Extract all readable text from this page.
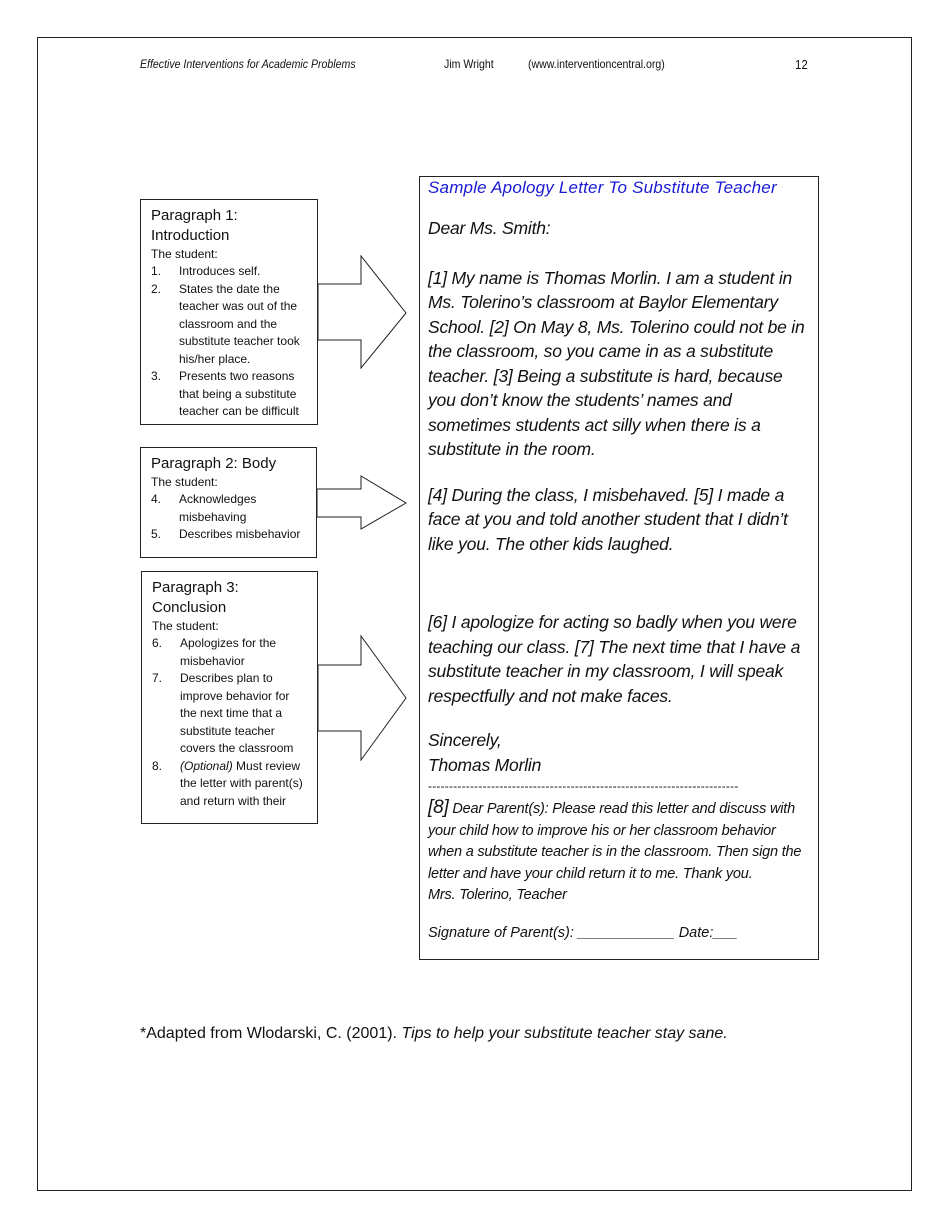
Effective Interventions for Academic Problems	Jim Wright	(www.interventioncentral.org)	12
Paragraph 1:
Introduction
The student:
1. Introduces self.
2. States the date the teacher was out of the classroom and the substitute teacher took his/her place.
3. Presents two reasons that being a substitute teacher can be difficult
Paragraph 2: Body
The student:
4. Acknowledges misbehaving
5. Describes misbehavior
Paragraph 3:
Conclusion
The student:
6. Apologizes for the misbehavior
7. Describes plan to improve behavior for the next time that a substitute teacher covers the classroom
8. (Optional) Must review the letter with parent(s) and return with their
Sample Apology Letter To Substitute Teacher
Dear Ms. Smith:
[1] My name is Thomas Morlin. I am a student in Ms. Tolerino’s classroom at Baylor Elementary School. [2] On May 8, Ms. Tolerino could not be in the classroom, so you came in as a substitute teacher. [3] Being a substitute is hard, because you don’t know the students’ names and sometimes students act silly when there is a substitute in the room.
[4] During the class, I misbehaved. [5] I made a face at you and told another student that I didn’t like you. The other kids laughed.
[6] I apologize for acting so badly when you were teaching our class. [7] The next time that I have a substitute teacher in my classroom, I will speak respectfully and not make faces.
Sincerely,
Thomas Morlin
--------------------------------------------------------------------------
[8] Dear Parent(s): Please read this letter and discuss with your child how to improve his or her classroom behavior when a substitute teacher is in the classroom. Then sign the letter and have your child return it to me. Thank you.
Mrs. Tolerino, Teacher
Signature of Parent(s): ____________ Date:___
*Adapted from Wlodarski, C. (2001). Tips to help your substitute teacher stay sane.
